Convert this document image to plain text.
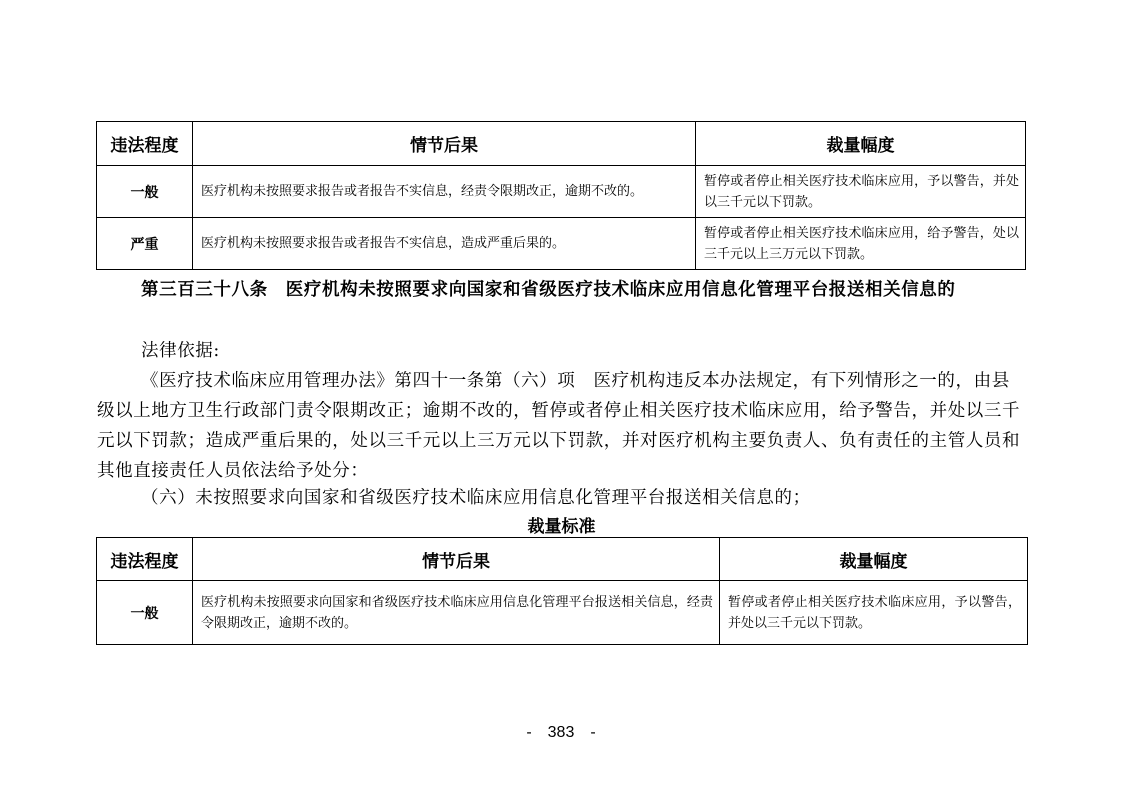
违法程度	情节后果	裁量幅度
一般	医疗机构未按照要求报告或者报告不实信息，经责令限期改正，逾期不改的。	暂停或者停止相关医疗技术临床应用，予以警告，并处以三千元以下罚款。
严重	医疗机构未按照要求报告或者报告不实信息，造成严重后果的。	暂停或者停止相关医疗技术临床应用，给予警告，处以三千元以上三万元以下罚款。
第三百三十八条　医疗机构未按照要求向国家和省级医疗技术临床应用信息化管理平台报送相关信息的
法律依据:
《医疗技术临床应用管理办法》第四十一条第（六）项　医疗机构违反本办法规定，有下列情形之一的，由县级以上地方卫生行政部门责令限期改正；逾期不改的，暂停或者停止相关医疗技术临床应用，给予警告，并处以三千元以下罚款；造成严重后果的，处以三千元以上三万元以下罚款，并对医疗机构主要负责人、负有责任的主管人员和其他直接责任人员依法给予处分：
（六）未按照要求向国家和省级医疗技术临床应用信息化管理平台报送相关信息的；
裁量标准
违法程度	情节后果	裁量幅度
一般	医疗机构未按照要求向国家和省级医疗技术临床应用信息化管理平台报送相关信息，经责令限期改正，逾期不改的。	暂停或者停止相关医疗技术临床应用，予以警告，并处以三千元以下罚款。
-　383　-
